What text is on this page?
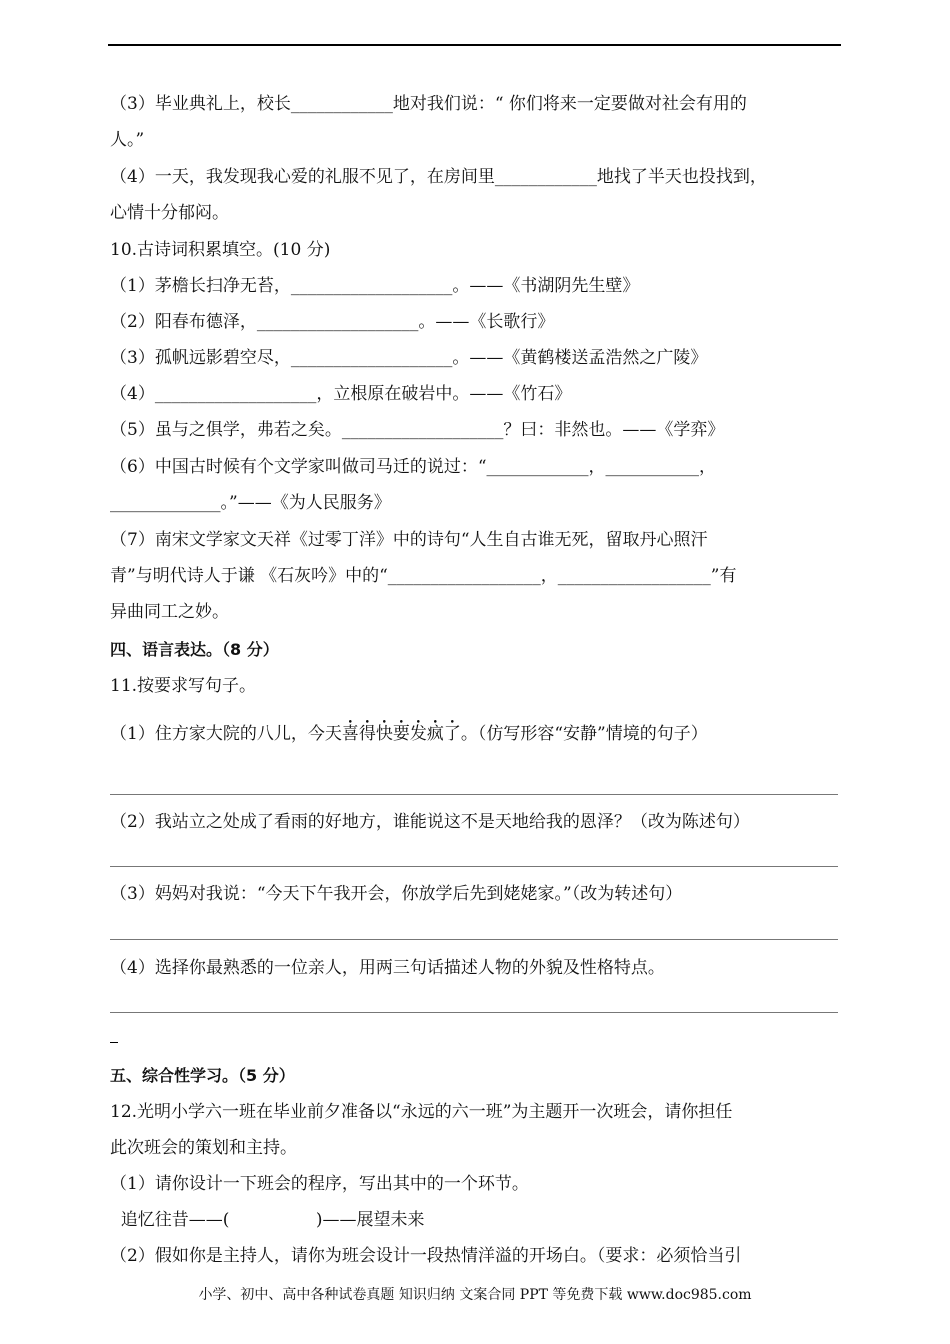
（3）毕业典礼上，校长____________地对我们说：“ 你们将来一定要做对社会有用的
人。”
（4）一天，我发现我心爱的礼服不见了，在房间里____________地找了半天也投找到，
心情十分郁闷。
10.古诗词积累填空。(10 分)
（1）茅檐长扫净无苔，___________________。——《书湖阴先生壁》
（2）阳春布德泽，___________________。——《长歌行》
（3）孤帆远影碧空尽，___________________。——《黄鹤楼送孟浩然之广陵》
（4）___________________，立根原在破岩中。——《竹石》
（5）虽与之俱学，弗若之矣。___________________？曰：非然也。——《学弈》
（6）中国古时候有个文学家叫做司马迁的说过：“____________，___________，
_____________。”——《为人民服务》
（7）南宋文学家文天祥《过零丁洋》中的诗句“人生自古谁无死，留取丹心照汗
青”与明代诗人于谦 《石灰吟》中的“__________________，__________________”有
异曲同工之妙。
四、语言表达。（8 分）
11.按要求写句子。
（1）住方家大院的八儿，今天喜得快要发疯了。（仿写形容“安静”情境的句子）
（2）我站立之处成了看雨的好地方，谁能说这不是天地给我的恩泽？（改为陈述句）
（3）妈妈对我说：“今天下午我开会，你放学后先到姥姥家。”（改为转述句）
（4）选择你最熟悉的一位亲人，用两三句话描述人物的外貌及性格特点。
五、综合性学习。（5 分）
12.光明小学六一班在毕业前夕准备以“永远的六一班”为主题开一次班会，请你担任
此次班会的策划和主持。
（1）请你设计一下班会的程序，写出其中的一个环节。
追忆往昔——(                )——展望未来
（2）假如你是主持人，请你为班会设计一段热情洋溢的开场白。（要求：必须恰当引
小学、初中、高中各种试卷真题 知识归纳 文案合同 PPT 等免费下载 www.doc985.com
